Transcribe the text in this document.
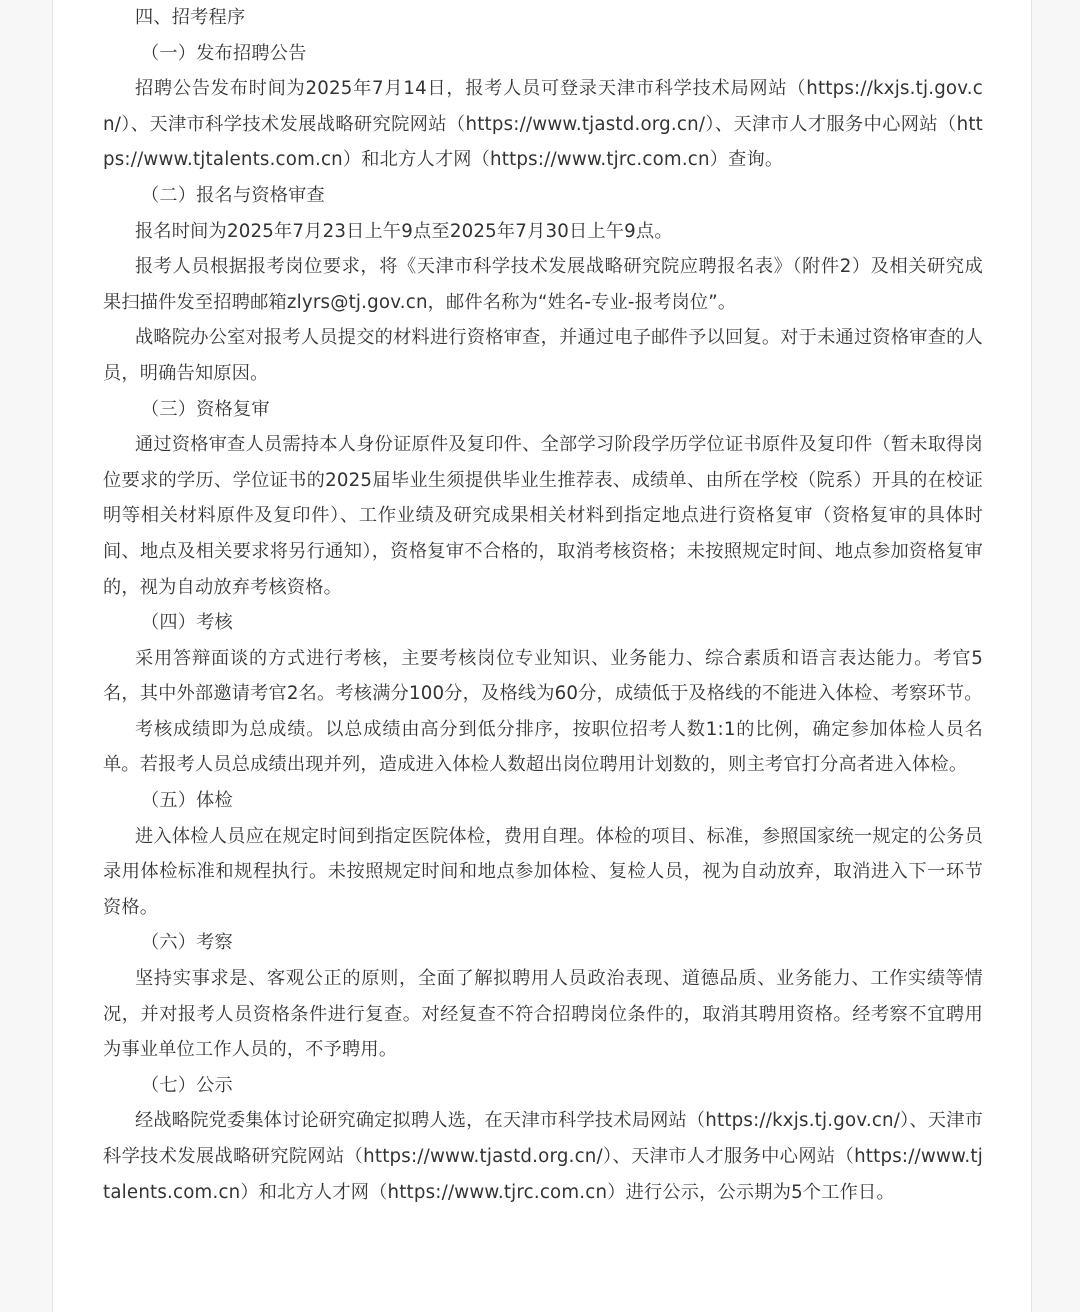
四、招考程序

（一）发布招聘公告

招聘公告发布时间为2025年7月14日，报考人员可登录天津市科学技术局网站（https://kxjs.tj.gov.cn/）、天津市科学技术发展战略研究院网站（https://www.tjastd.org.cn/）、天津市人才服务中心网站（https://www.tjtalents.com.cn）和北方人才网（https://www.tjrc.com.cn）查询。

（二）报名与资格审查

报名时间为2025年7月23日上午9点至2025年7月30日上午9点。

报考人员根据报考岗位要求，将《天津市科学技术发展战略研究院应聘报名表》（附件2）及相关研究成果扫描件发至招聘邮箱zlyrs@tj.gov.cn，邮件名称为“姓名-专业-报考岗位”。

战略院办公室对报考人员提交的材料进行资格审查，并通过电子邮件予以回复。对于未通过资格审查的人员，明确告知原因。

（三）资格复审

通过资格审查人员需持本人身份证原件及复印件、全部学习阶段学历学位证书原件及复印件（暂未取得岗位要求的学历、学位证书的2025届毕业生须提供毕业生推荐表、成绩单、由所在学校（院系）开具的在校证明等相关材料原件及复印件）、工作业绩及研究成果相关材料到指定地点进行资格复审（资格复审的具体时间、地点及相关要求将另行通知），资格复审不合格的，取消考核资格；未按照规定时间、地点参加资格复审的，视为自动放弃考核资格。

（四）考核

采用答辩面谈的方式进行考核，主要考核岗位专业知识、业务能力、综合素质和语言表达能力。考官5名，其中外部邀请考官2名。考核满分100分，及格线为60分，成绩低于及格线的不能进入体检、考察环节。

考核成绩即为总成绩。以总成绩由高分到低分排序，按职位招考人数1:1的比例，确定参加体检人员名单。若报考人员总成绩出现并列，造成进入体检人数超出岗位聘用计划数的，则主考官打分高者进入体检。

（五）体检

进入体检人员应在规定时间到指定医院体检，费用自理。体检的项目、标准，参照国家统一规定的公务员录用体检标准和规程执行。未按照规定时间和地点参加体检、复检人员，视为自动放弃，取消进入下一环节资格。

（六）考察

坚持实事求是、客观公正的原则，全面了解拟聘用人员政治表现、道德品质、业务能力、工作实绩等情况，并对报考人员资格条件进行复查。对经复查不符合招聘岗位条件的，取消其聘用资格。经考察不宜聘用为事业单位工作人员的，不予聘用。

（七）公示

经战略院党委集体讨论研究确定拟聘人选，在天津市科学技术局网站（https://kxjs.tj.gov.cn/）、天津市科学技术发展战略研究院网站（https://www.tjastd.org.cn/）、天津市人才服务中心网站（https://www.tjtalents.com.cn）和北方人才网（https://www.tjrc.com.cn）进行公示，公示期为5个工作日。
